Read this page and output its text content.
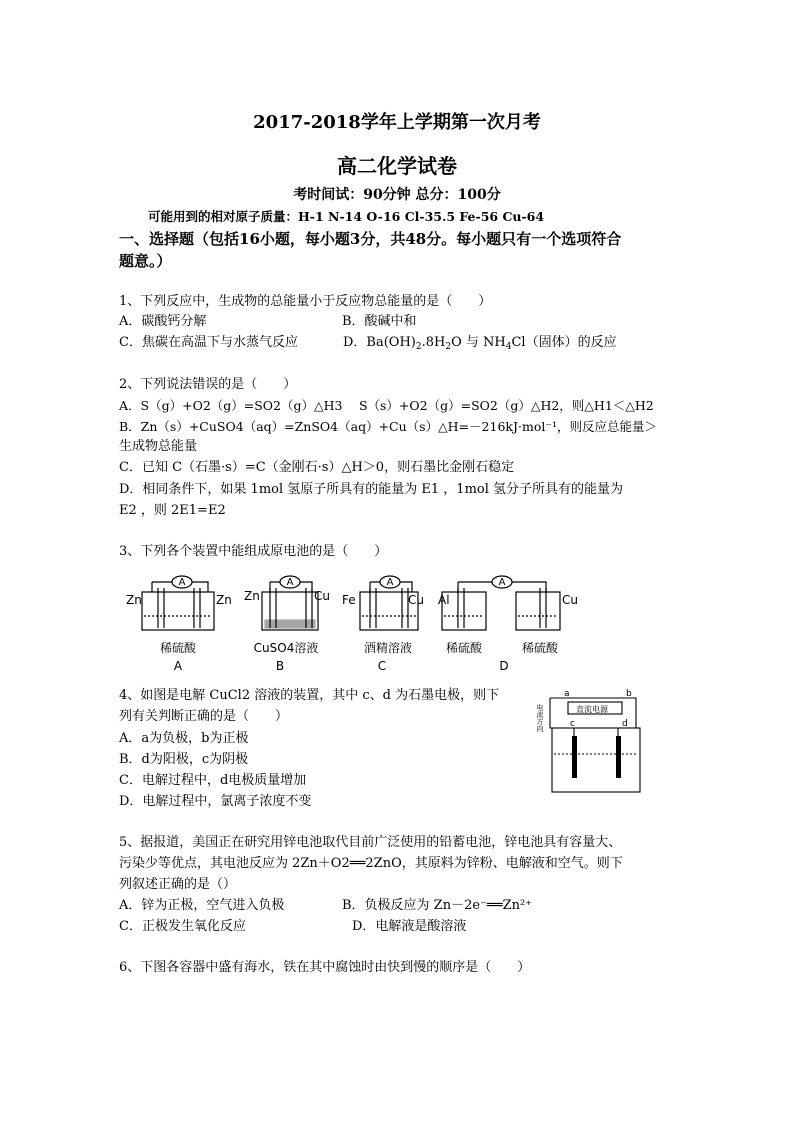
2017-2018学年上学期第一次月考
高二化学试卷
考时间试：90分钟 总分：100分
可能用到的相对原子质量：H-1 N-14 O-16 Cl-35.5 Fe-56 Cu-64
一、选择题（包括16小题，每小题3分，共48分。每小题只有一个选项符合
题意。）
1、下列反应中，生成物的总能量小于反应物总能量的是（　　）
A．碳酸钙分解	B．酸碱中和
C．焦碳在高温下与水蒸气反应	D．$Ba(OH)_2.8H_2O$ 与 $NH_4Cl$（固体）的反应
2、下列说法错误的是（　　）
A．S（g）+O2（g）=SO2（g）△H3　 S（s）+O2（g）=SO2（g）△H2，则△H1＜△H2
B．Zn（s）+CuSO4（aq）=ZnSO4（aq）+Cu（s）△H=－216kJ·mol⁻¹，则反应总能量＞
生成物总能量
C．已知 C（石墨·s）=C（金刚石·s）△H＞0，则石墨比金刚石稳定
D．相同条件下，如果 1mol 氢原子所具有的能量为 E1 ，1mol 氢分子所具有的能量为
E2 ，则 2E1=E2
3、下列各个装置中能组成原电池的是（　　）
A	A	A	A
Zn	Zn Zn	Cu Fe	Cu Al	Cu
稀硫酸	CuSO4溶液	酒精溶液	稀硫酸	稀硫酸
A	B	C	D
4、如图是电解 CuCl2 溶液的装置，其中 c、d 为石墨电极，则下
列有关判断正确的是（　　）
A．a为负极，b为正极
B．d为阳极，c为阴极
C．电解过程中，d电极质量增加
D．电解过程中，氯离子浓度不变
a	b
c	d
直流电源
电流方向
5、据报道，美国正在研究用锌电池取代目前广泛使用的铅蓄电池，锌电池具有容量大、
污染少等优点，其电池反应为 2Zn＋O2══2ZnO，其原料为锌粉、电解液和空气。则下
列叙述正确的是（）
A．锌为正极，空气进入负极	B．负极反应为 Zn－2e⁻══Zn²⁺
C．正极发生氧化反应	D．电解液是酸溶液
6、下图各容器中盛有海水，铁在其中腐蚀时由快到慢的顺序是（　　）
